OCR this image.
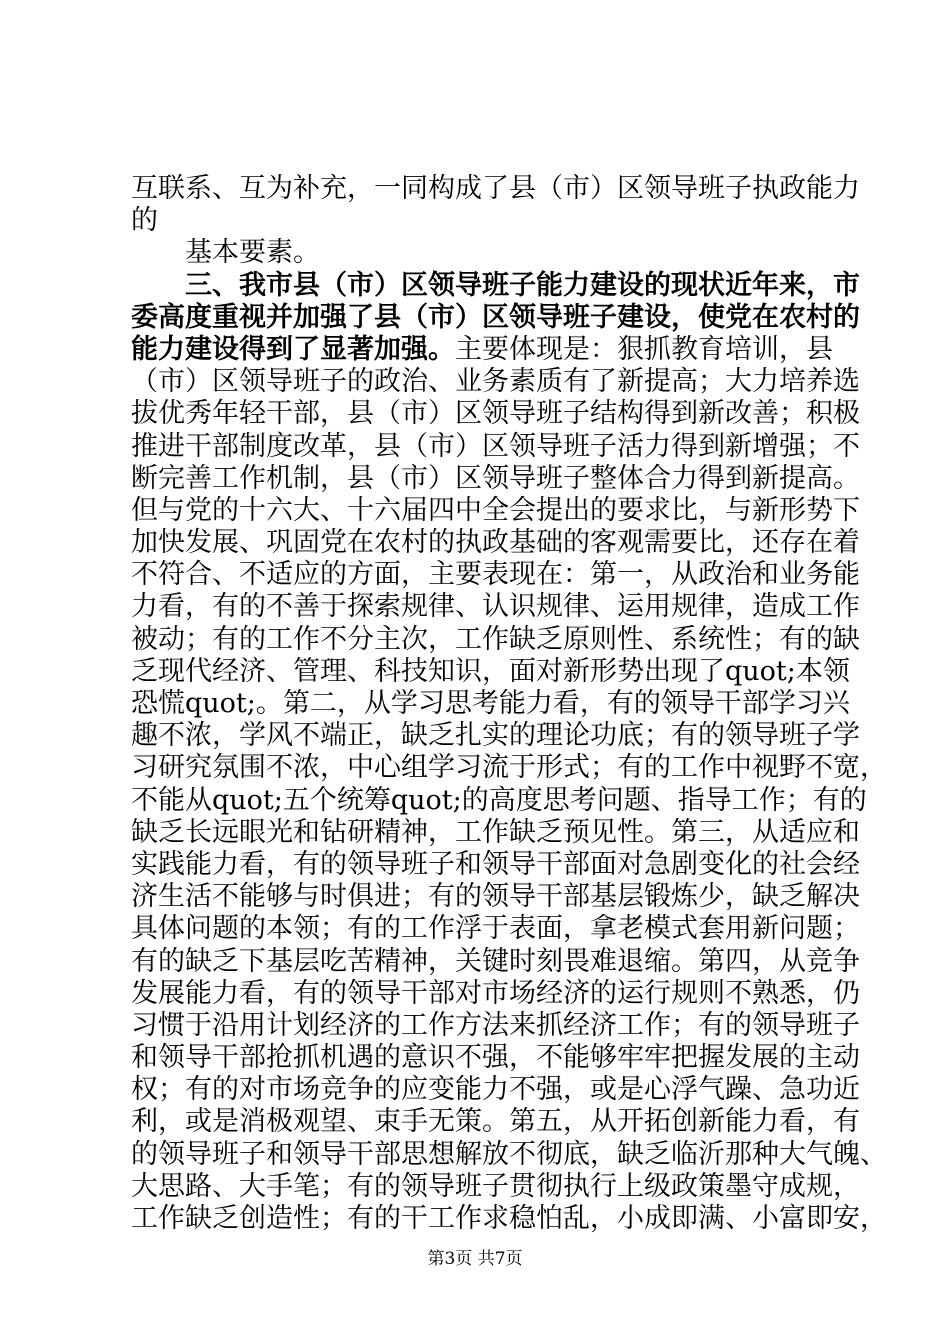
互联系、互为补充，一同构成了县（市）区领导班子执政能力
的
基本要素。
三、我市县（市）区领导班子能力建设的现状近年来，市
委高度重视并加强了县（市）区领导班子建设，使党在农村的
能力建设得到了显著加强。主要体现是：狠抓教育培训，县
（市）区领导班子的政治、业务素质有了新提高；大力培养选
拔优秀年轻干部，县（市）区领导班子结构得到新改善；积极
推进干部制度改革，县（市）区领导班子活力得到新增强；不
断完善工作机制，县（市）区领导班子整体合力得到新提高。
但与党的十六大、十六届四中全会提出的要求比，与新形势下
加快发展、巩固党在农村的执政基础的客观需要比，还存在着
不符合、不适应的方面，主要表现在：第一，从政治和业务能
力看，有的不善于探索规律、认识规律、运用规律，造成工作
被动；有的工作不分主次，工作缺乏原则性、系统性；有的缺
乏现代经济、管理、科技知识，面对新形势出现了quot;本领
恐慌quot;。第二，从学习思考能力看，有的领导干部学习兴
趣不浓，学风不端正，缺乏扎实的理论功底；有的领导班子学
习研究氛围不浓，中心组学习流于形式；有的工作中视野不宽，
不能从quot;五个统筹quot;的高度思考问题、指导工作；有的
缺乏长远眼光和钻研精神，工作缺乏预见性。第三，从适应和
实践能力看，有的领导班子和领导干部面对急剧变化的社会经
济生活不能够与时俱进；有的领导干部基层锻炼少，缺乏解决
具体问题的本领；有的工作浮于表面，拿老模式套用新问题；
有的缺乏下基层吃苦精神，关键时刻畏难退缩。第四，从竞争
发展能力看，有的领导干部对市场经济的运行规则不熟悉，仍
习惯于沿用计划经济的工作方法来抓经济工作；有的领导班子
和领导干部抢抓机遇的意识不强，不能够牢牢把握发展的主动
权；有的对市场竞争的应变能力不强，或是心浮气躁、急功近
利，或是消极观望、束手无策。第五，从开拓创新能力看，有
的领导班子和领导干部思想解放不彻底，缺乏临沂那种大气魄、
大思路、大手笔；有的领导班子贯彻执行上级政策墨守成规，
工作缺乏创造性；有的干工作求稳怕乱，小成即满、小富即安，
第3页 共7页
